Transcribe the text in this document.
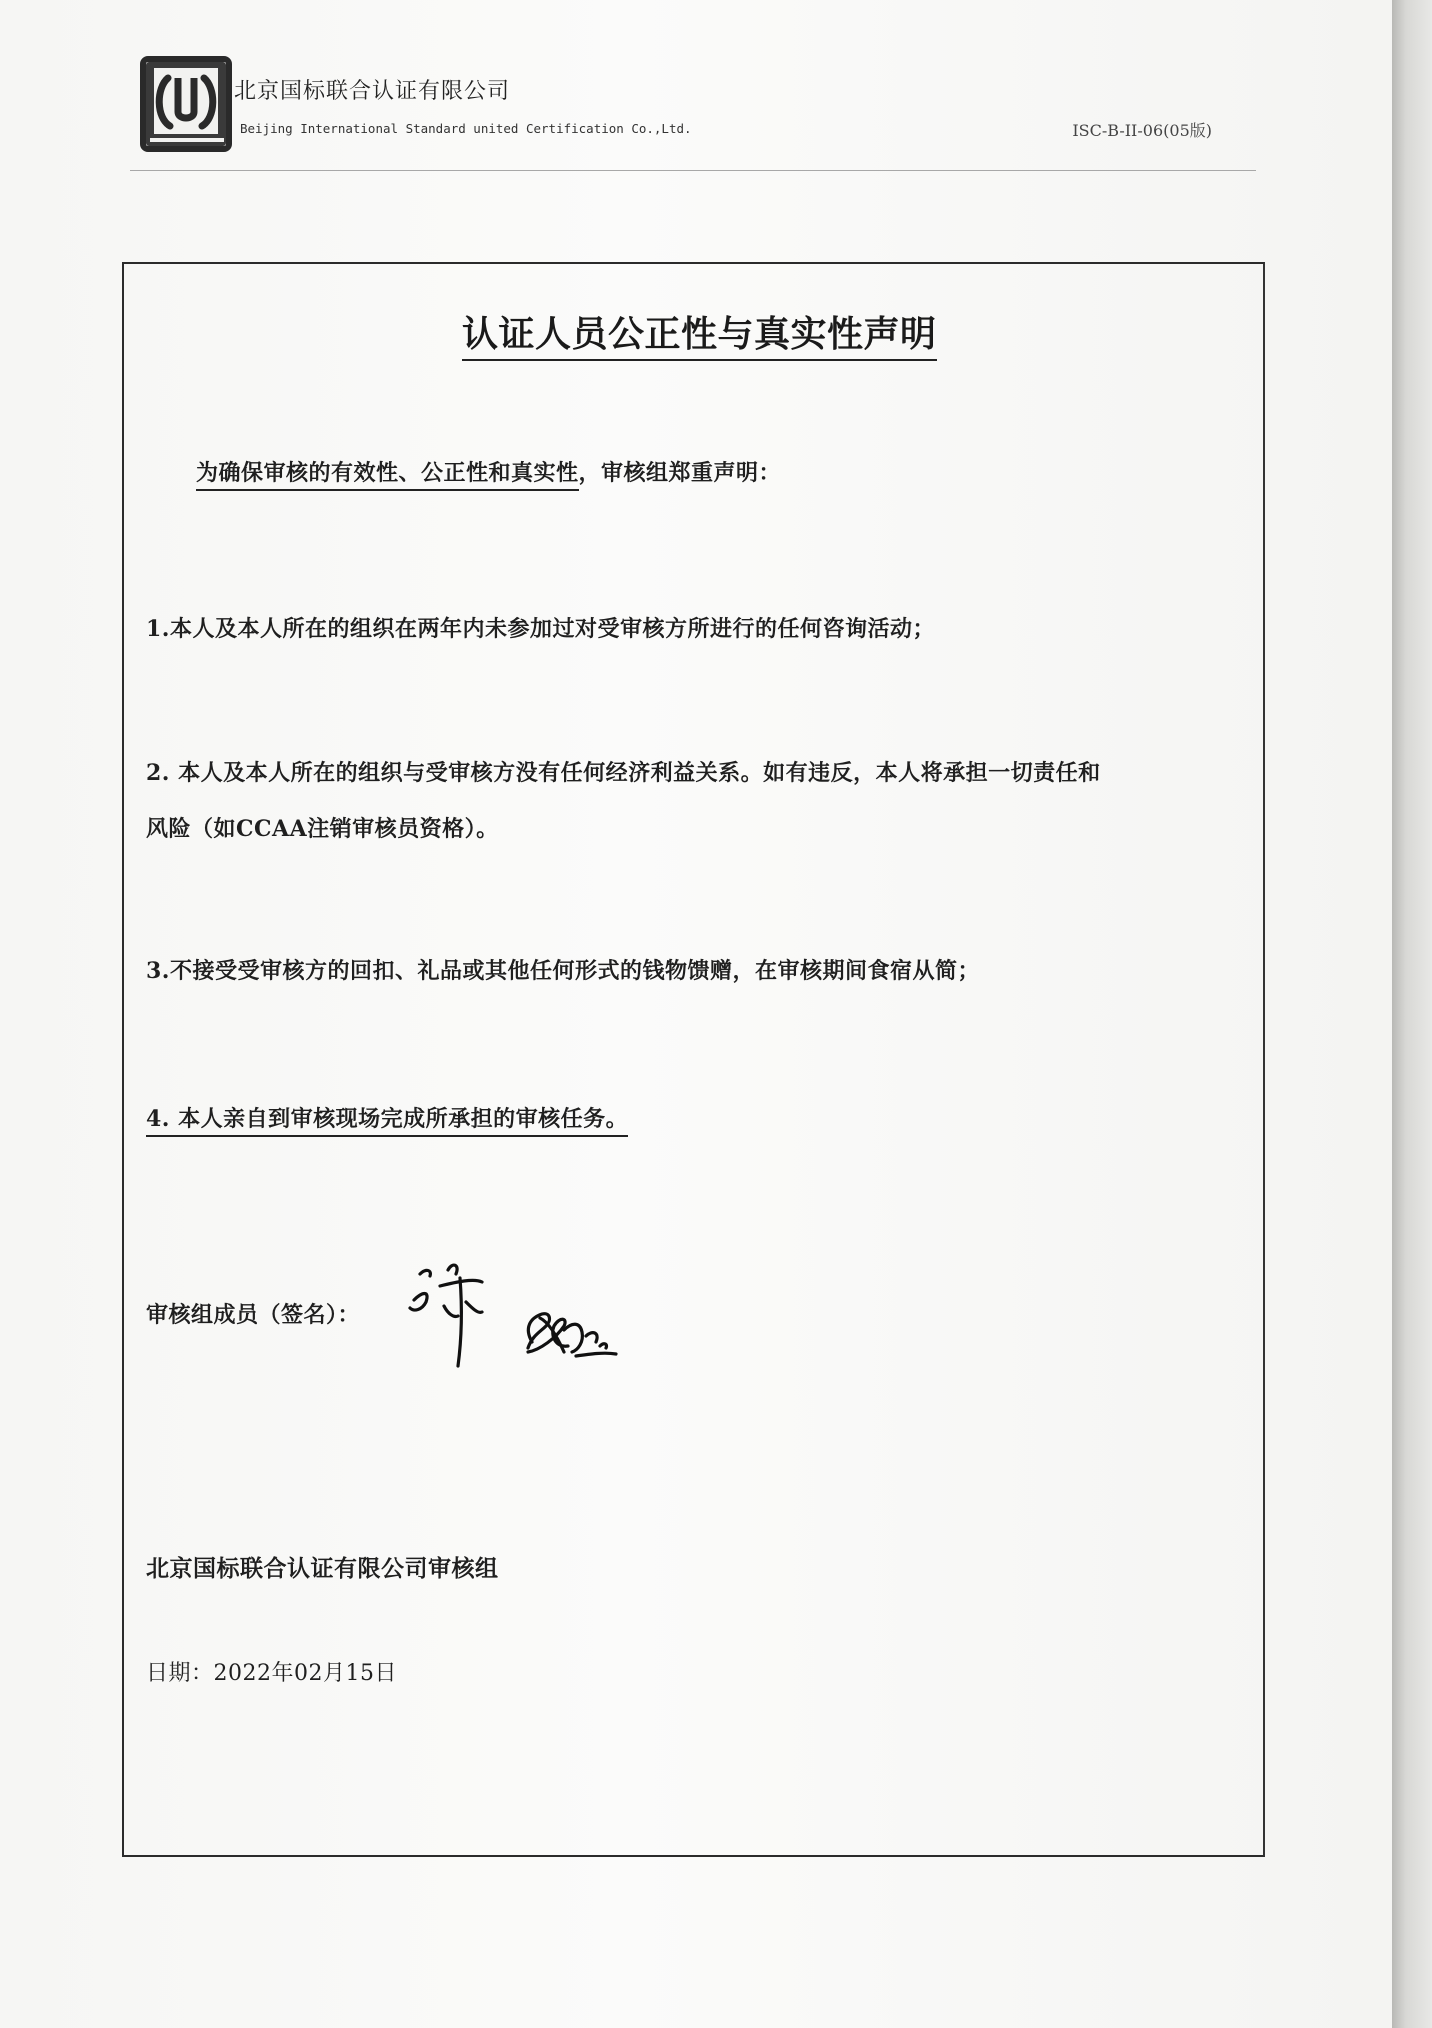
北京国标联合认证有限公司
Beijing International Standard united Certification Co.,Ltd.	ISC-B-II-06(05版)
认证人员公正性与真实性声明
为确保审核的有效性、公正性和真实性，审核组郑重声明：
1.本人及本人所在的组织在两年内未参加过对受审核方所进行的任何咨询活动；
2. 本人及本人所在的组织与受审核方没有任何经济利益关系。如有违反，本人将承担一切责任和
风险（如CCAA注销审核员资格）。
3.不接受受审核方的回扣、礼品或其他任何形式的钱物馈赠，在审核期间食宿从简；
4. 本人亲自到审核现场完成所承担的审核任务。
审核组成员（签名）：
北京国标联合认证有限公司审核组
日期：2022年02月15日
